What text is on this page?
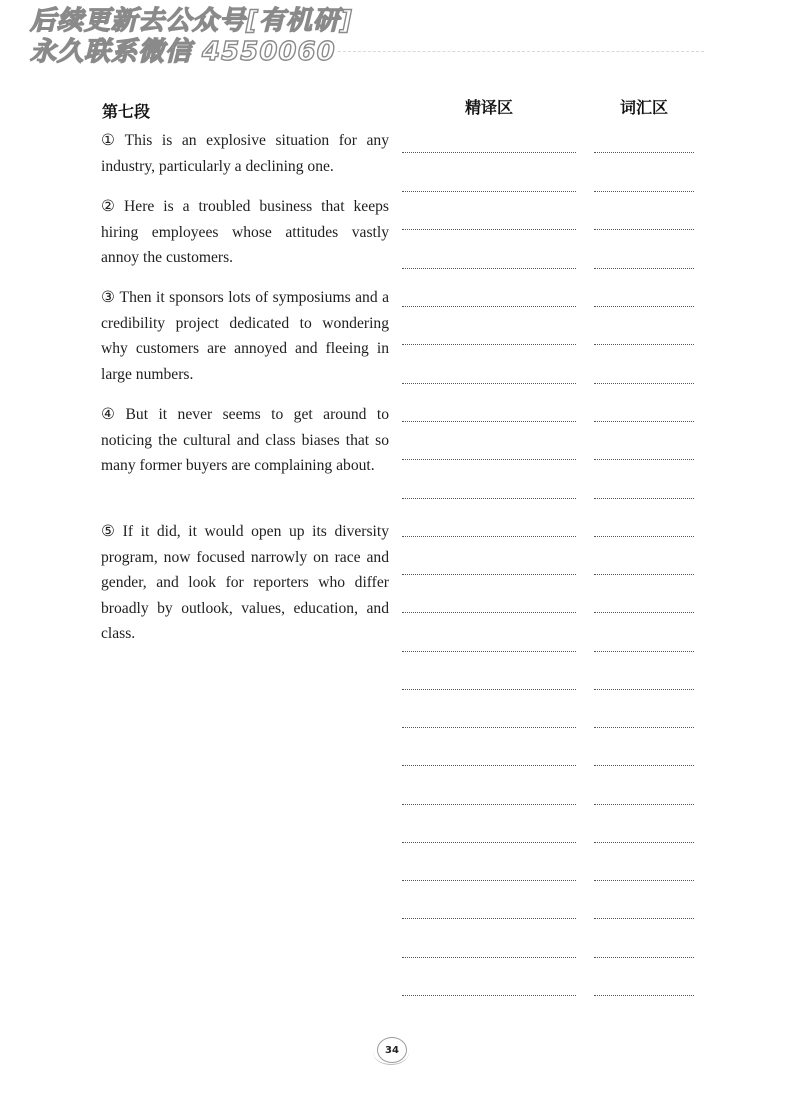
后续更新去公众号[有机研]
永久联系微信 4550060
第七段	精译区	词汇区

① This is an explosive situation for any industry, particularly a declining one.

② Here is a troubled business that keeps hiring employees whose attitudes vastly annoy the customers.

③ Then it sponsors lots of symposiums and a credibility project dedicated to wondering why customers are annoyed and fleeing in large numbers.

④ But it never seems to get around to noticing the cultural and class biases that so many former buyers are complaining about.

⑤ If it did, it would open up its diversity program, now focused narrowly on race and gender, and look for reporters who differ broadly by outlook, values, education, and class.

34
